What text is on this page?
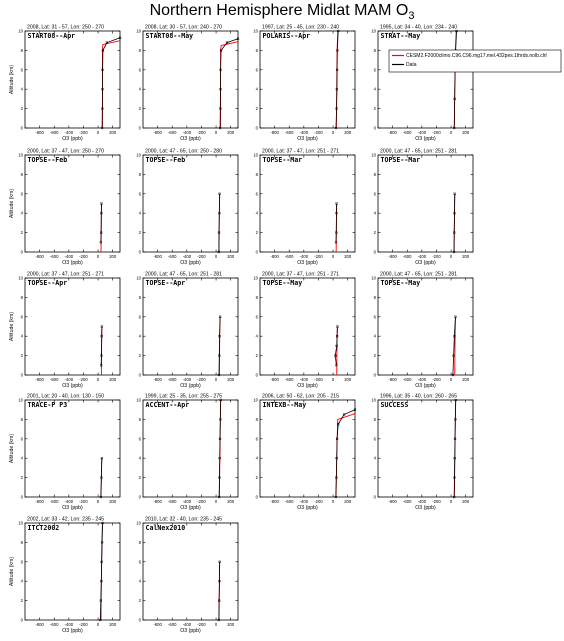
Northern Hemisphere Midlat MAM $O_3$
2008, Lat: 31 - 57, Lon: 250 - 270
0
2
4
6
8
10
-800 -600 -400 -200 0 200
O3 (ppb)
Altitude (km)
START08--Apr
2008, Lat: 30 - 57, Lon: 240 - 270
0
2
4
6
8
10
-800 -600 -400 -200 0 200
O3 (ppb)
START08--May
1997, Lat: 25 - 45, Lon: 230 - 240
0
2
4
6
8
10
-800 -600 -400 -200 0 200
O3 (ppb)
POLARIS--Apr
1995, Lat: 34 - 40, Lon: 234 - 240
0
2
4
6
8
10
-800 -600 -400 -200 0 200
O3 (ppb)
STRAT--May
2000, Lat: 37 - 47, Lon: 250 - 270
0
2
4
6
8
10
-800 -600 -400 -200 0 200
O3 (ppb)
Altitude (km)
TOPSE--Feb
2000, Lat: 47 - 65, Lon: 250 - 280
0
2
4
6
8
10
-800 -600 -400 -200 0 200
O3 (ppb)
TOPSE--Feb
2000, Lat: 37 - 47, Lon: 251 - 271
0
2
4
6
8
10
-800 -600 -400 -200 0 200
O3 (ppb)
TOPSE--Mar
2000, Lat: 47 - 65, Lon: 251 - 281
0
2
4
6
8
10
-800 -600 -400 -200 0 200
O3 (ppb)
TOPSE--Mar
2000, Lat: 37 - 47, Lon: 251 - 271
0
2
4
6
8
10
-800 -600 -400 -200 0 200
O3 (ppb)
Altitude (km)
TOPSE--Apr
2000, Lat: 47 - 65, Lon: 251 - 281
0
2
4
6
8
10
-800 -600 -400 -200 0 200
O3 (ppb)
TOPSE--Apr
2000, Lat: 37 - 47, Lon: 251 - 271
0
2
4
6
8
10
-800 -600 -400 -200 0 200
O3 (ppb)
TOPSE--May
2000, Lat: 47 - 65, Lon: 251 - 281
0
2
4
6
8
10
-800 -600 -400 -200 0 200
O3 (ppb)
TOPSE--May
2001, Lat: 20 - 40, Lon: 130 - 150
0
2
4
6
8
10
-800 -600 -400 -200 0 200
O3 (ppb)
Altitude (km)
TRACE-P P3
1999, Lat: 25 - 35, Lon: 255 - 275
0
2
4
6
8
10
-800 -600 -400 -200 0 200
O3 (ppb)
ACCENT--Apr
2006, Lat: 50 - 62, Lon: 205 - 215
0
2
4
6
8
10
-800 -600 -400 -200 0 200
O3 (ppb)
INTEXB--May
1996, Lat: 35 - 40, Lon: 260 - 265
0
2
4
6
8
10
-800 -600 -400 -200 0 200
O3 (ppb)
SUCCESS
2002, Lat: 33 - 42, Lon: 235 - 245
0
2
4
6
8
10
-800 -600 -400 -200 0 200
O3 (ppb)
Altitude (km)
ITCT2002
2010, Lat: 32 - 40, Lon: 235 - 245
0
2
4
6
8
10
-800 -600 -400 -200 0 200
O3 (ppb)
CalNex2010
CESM2.F2000climo.C96.C96.mg17.mel.432pes.1thrds.nolb.clrl
Data
